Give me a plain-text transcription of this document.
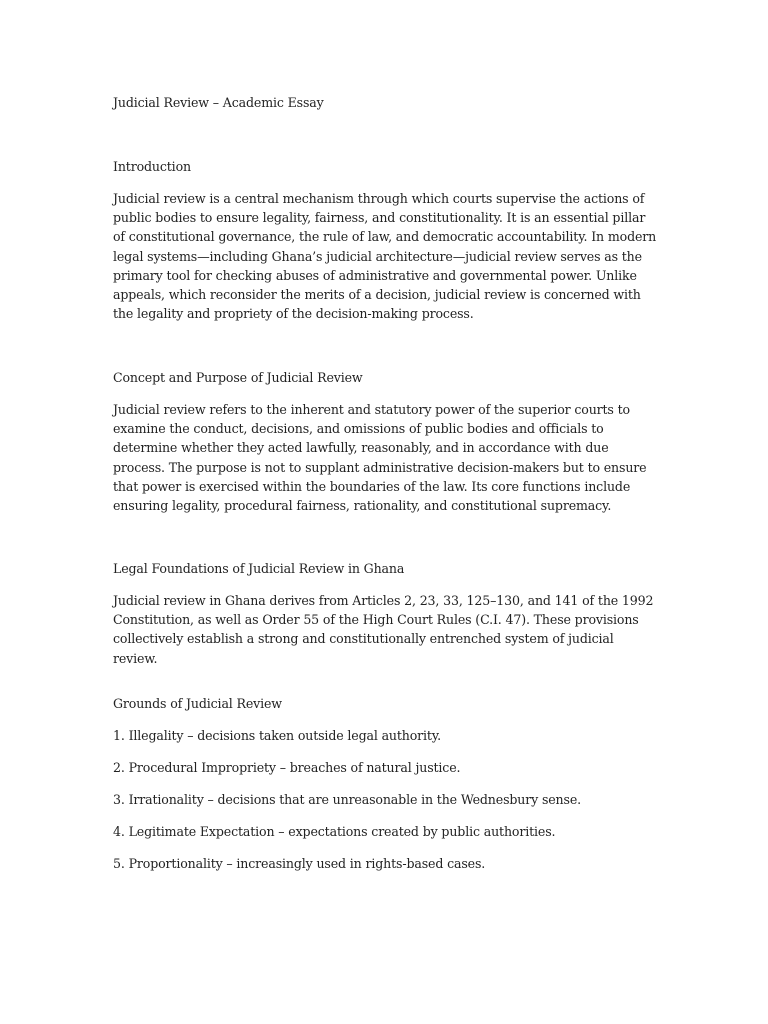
Judicial Review – Academic Essay

Introduction

Judicial review is a central mechanism through which courts supervise the actions of public bodies to ensure legality, fairness, and constitutionality. It is an essential pillar of constitutional governance, the rule of law, and democratic accountability. In modern legal systems—including Ghana’s judicial architecture—judicial review serves as the primary tool for checking abuses of administrative and governmental power. Unlike appeals, which reconsider the merits of a decision, judicial review is concerned with the legality and propriety of the decision-making process.

Concept and Purpose of Judicial Review

Judicial review refers to the inherent and statutory power of the superior courts to examine the conduct, decisions, and omissions of public bodies and officials to determine whether they acted lawfully, reasonably, and in accordance with due process. The purpose is not to supplant administrative decision-makers but to ensure that power is exercised within the boundaries of the law. Its core functions include ensuring legality, procedural fairness, rationality, and constitutional supremacy.

Legal Foundations of Judicial Review in Ghana

Judicial review in Ghana derives from Articles 2, 23, 33, 125–130, and 141 of the 1992 Constitution, as well as Order 55 of the High Court Rules (C.I. 47). These provisions collectively establish a strong and constitutionally entrenched system of judicial review.

Grounds of Judicial Review

1. Illegality – decisions taken outside legal authority.

2. Procedural Impropriety – breaches of natural justice.

3. Irrationality – decisions that are unreasonable in the Wednesbury sense.

4. Legitimate Expectation – expectations created by public authorities.

5. Proportionality – increasingly used in rights-based cases.
